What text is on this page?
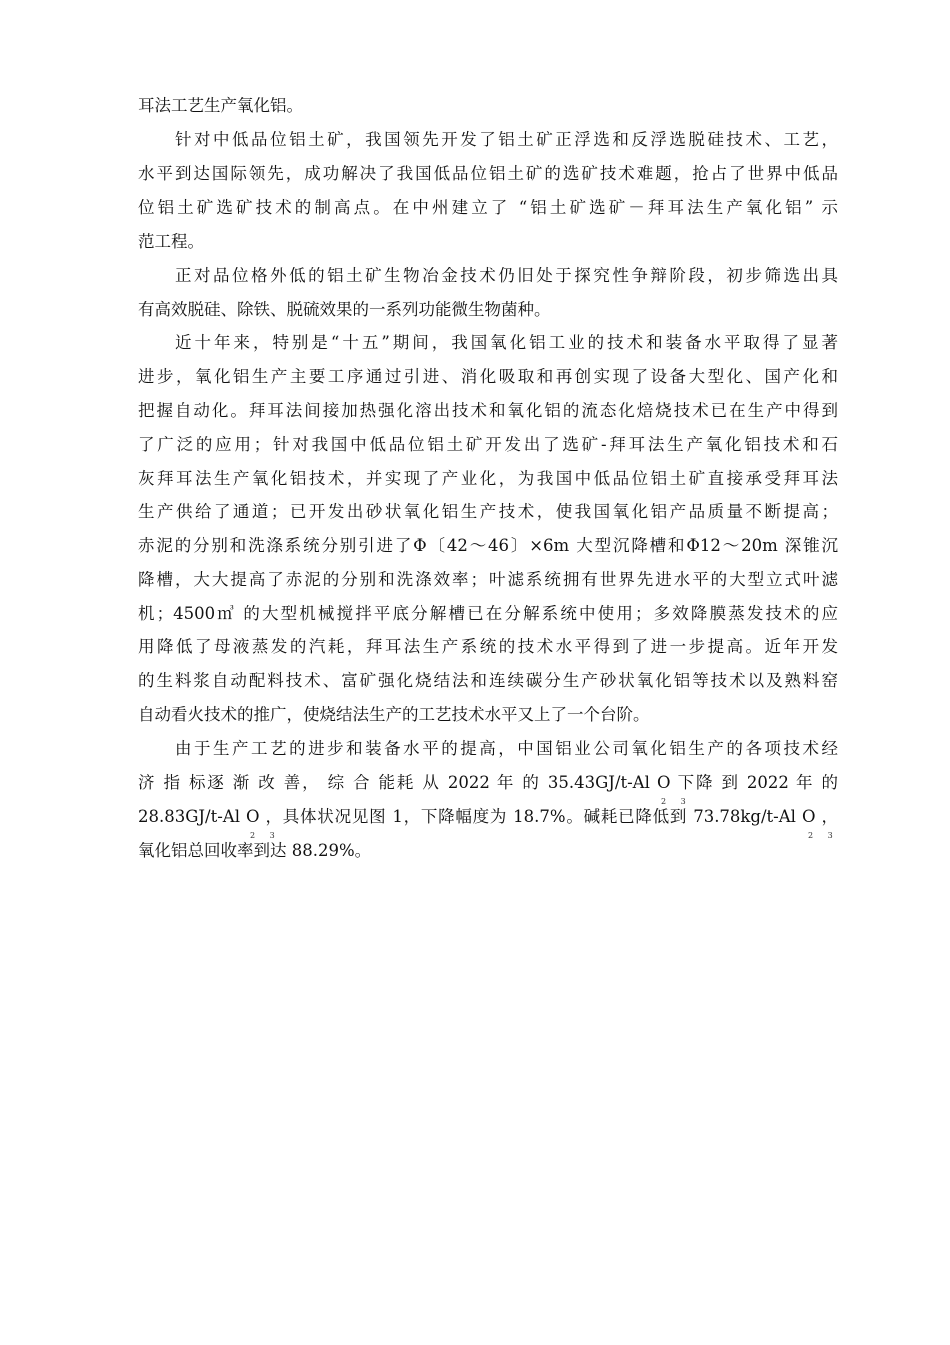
耳法工艺生产氧化铝。
针对中低品位铝土矿，我国领先开发了铝土矿正浮选和反浮选脱硅技术、工艺，
水平到达国际领先，成功解决了我国低品位铝土矿的选矿技术难题，抢占了世界中低品
位铝土矿选矿技术的制高点。在中州建立了 “铝土矿选矿－拜耳法生产氧化铝” 示
范工程。
正对品位格外低的铝土矿生物冶金技术仍旧处于探究性争辩阶段，初步筛选出具
有高效脱硅、除铁、脱硫效果的一系列功能微生物菌种。
近十年来，特别是“十五”期间，我国氧化铝工业的技术和装备水平取得了显著
进步，氧化铝生产主要工序通过引进、消化吸取和再创实现了设备大型化、国产化和
把握自动化。拜耳法间接加热强化溶出技术和氧化铝的流态化焙烧技术已在生产中得到
了广泛的应用；针对我国中低品位铝土矿开发出了选矿-拜耳法生产氧化铝技术和石
灰拜耳法生产氧化铝技术，并实现了产业化，为我国中低品位铝土矿直接承受拜耳法
生产供给了通道；已开发出砂状氧化铝生产技术，使我国氧化铝产品质量不断提高；
赤泥的分别和洗涤系统分别引进了Φ〔42～46〕×6m 大型沉降槽和Φ12～20m 深锥沉
降槽，大大提高了赤泥的分别和洗涤效率；叶滤系统拥有世界先进水平的大型立式叶滤
机；4500㎥ 的大型机械搅拌平底分解槽已在分解系统中使用；多效降膜蒸发技术的应
用降低了母液蒸发的汽耗，拜耳法生产系统的技术水平得到了进一步提高。近年开发
的生料浆自动配料技术、富矿强化烧结法和连续碳分生产砂状氧化铝等技术以及熟料窑
自动看火技术的推广，使烧结法生产的工艺技术水平又上了一个台阶。
由于生产工艺的进步和装备水平的提高，中国铝业公司氧化铝生产的各项技术经
济 指 标逐 渐 改 善， 综 合 能耗 从 2022 年 的 35.43GJ/t-Al O 下降 到 2022 年 的
2 3
28.83GJ/t-Al O ，具体状况见图 1，下降幅度为 18.7%。碱耗已降低到 73.78kg/t-Al O ，
2 3	2 3
氧化铝总回收率到达 88.29%。
